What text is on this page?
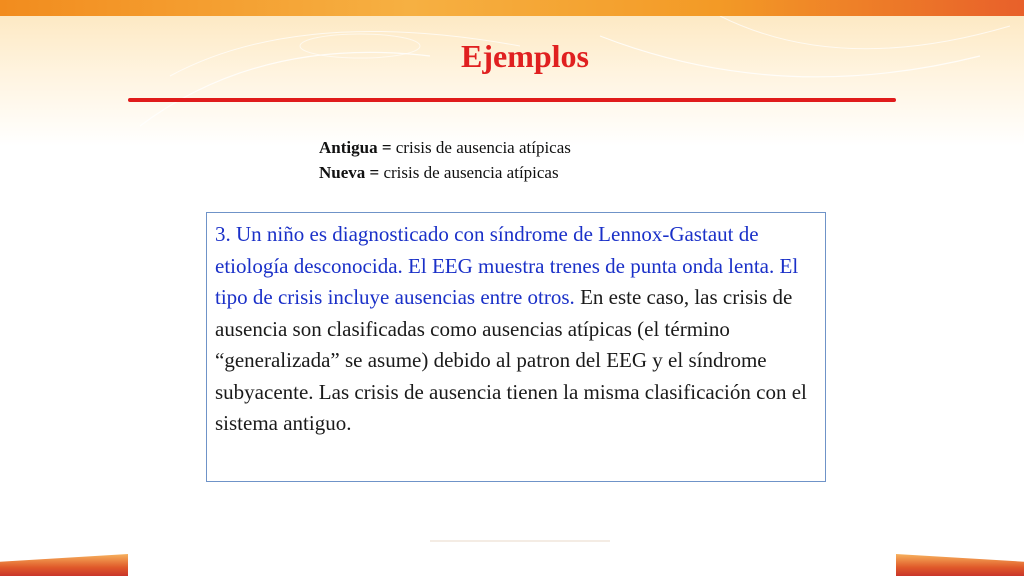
Ejemplos
Antigua = crisis de ausencia atípicas
Nueva = crisis de ausencia atípicas
3. Un niño es diagnosticado con síndrome de Lennox-Gastaut de etiología desconocida. El EEG muestra trenes de punta onda lenta. El tipo de crisis incluye ausencias entre otros. En este caso, las crisis de ausencia son clasificadas como ausencias atípicas (el término “generalizada” se asume) debido al patron del EEG y el síndrome subyacente. Las crisis de ausencia tienen la misma clasificación con el sistema antiguo.
